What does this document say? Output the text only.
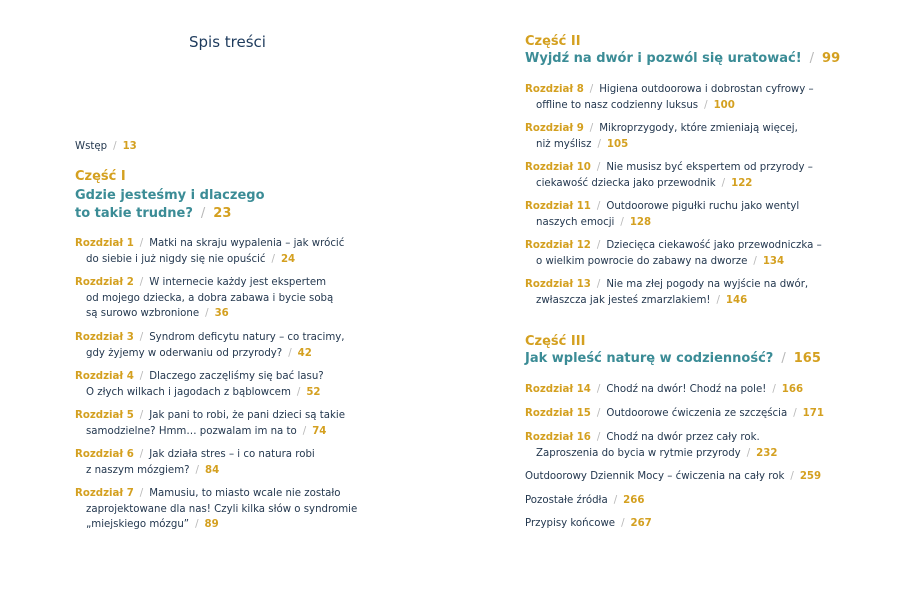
Spis treści

Wstęp / 13

Część I

Gdzie jesteśmy i dlaczego
to takie trudne? / 23
Rozdział 1 / Matki na skraju wypalenia – jak wrócić
do siebie i już nigdy się nie opuścić / 24
Rozdział 2 / W internecie każdy jest ekspertem
od mojego dziecka, a dobra zabawa i bycie sobą
są surowo wzbronione / 36
Rozdział 3 / Syndrom deficytu natury – co tracimy,
gdy żyjemy w oderwaniu od przyrody? / 42
Rozdział 4 / Dlaczego zaczęliśmy się bać lasu?
O złych wilkach i jagodach z bąblowcem / 52
Rozdział 5 / Jak pani to robi, że pani dzieci są takie
samodzielne? Hmm… pozwalam im na to / 74
Rozdział 6 / Jak działa stres – i co natura robi
z naszym mózgiem? / 84
Rozdział 7 / Mamusiu, to miasto wcale nie zostało
zaprojektowane dla nas! Czyli kilka słów o syndromie
„miejskiego mózgu” / 89

Część II

Wyjdź na dwór i pozwól się uratować! / 99
Rozdział 8 / Higiena outdoorowa i dobrostan cyfrowy –
offline to nasz codzienny luksus / 100
Rozdział 9 / Mikroprzygody, które zmieniają więcej,
niż myślisz / 105
Rozdział 10 / Nie musisz być ekspertem od przyrody –
ciekawość dziecka jako przewodnik / 122
Rozdział 11 / Outdoorowe pigułki ruchu jako wentyl
naszych emocji / 128
Rozdział 12 / Dziecięca ciekawość jako przewodniczka –
o wielkim powrocie do zabawy na dworze / 134
Rozdział 13 / Nie ma złej pogody na wyjście na dwór,
zwłaszcza jak jesteś zmarzlakiem! / 146

Część III

Jak wpleść naturę w codzienność? / 165
Rozdział 14 / Chodź na dwór! Chodź na pole! / 166
Rozdział 15 / Outdoorowe ćwiczenia ze szczęścia / 171
Rozdział 16 / Chodź na dwór przez cały rok.
Zaproszenia do bycia w rytmie przyrody / 232

Outdoorowy Dziennik Mocy – ćwiczenia na cały rok / 259

Pozostałe źródła / 266

Przypisy końcowe / 267
